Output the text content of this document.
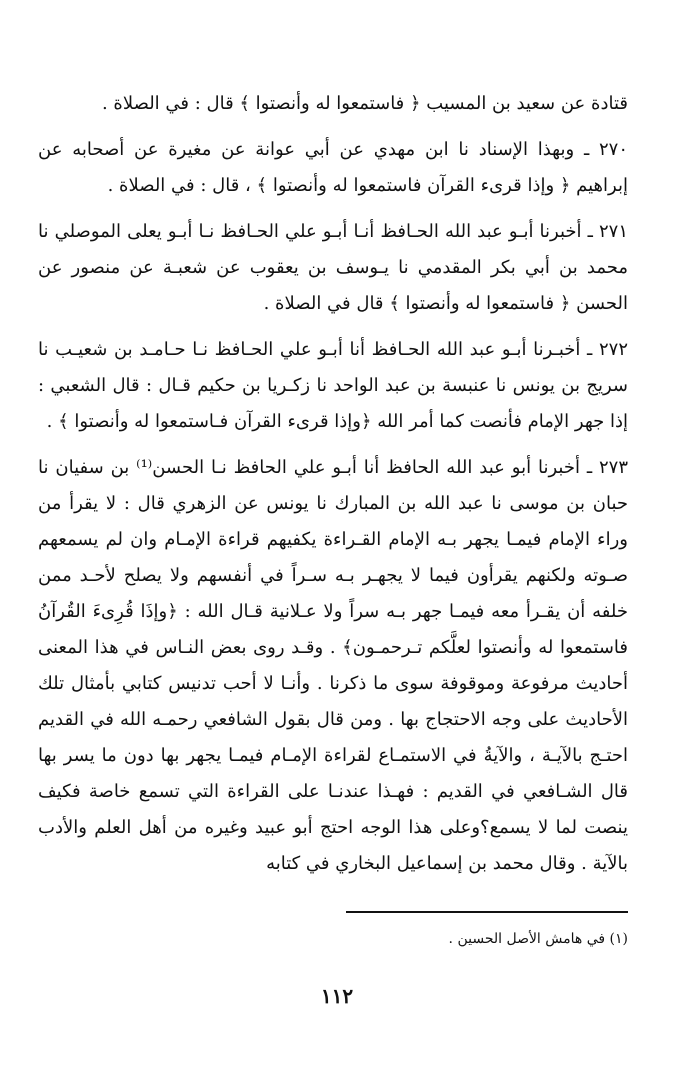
قتادة عن سعيد بن المسيب ﴿ فاستمعوا له وأنصتوا ﴾ قال : في الصلاة .

٢٧٠ ـ وبهذا الإسناد نا ابن مهدي عن أبي عوانة عن مغيرة عن أصحابه عن إبراهيم ﴿ وإذا قرىء القرآن فاستمعوا له وأنصتوا ﴾ ، قال : في الصلاة .

٢٧١ ـ أخبرنا أبـو عبد الله الحـافظ أنـا أبـو علي الحـافظ نـا أبـو يعلى الموصلي نا محمد بن أبي بكر المقدمي نا يـوسف بن يعقوب عن شعبـة عن منصور عن الحسن ﴿ فاستمعوا له وأنصتوا ﴾ قال في الصلاة .

٢٧٢ ـ أخبـرنا أبـو عبد الله الحـافظ أنا أبـو علي الحـافظ نـا حـامـد بن شعيـب نا سريج بن يونس نا عنبسة بن عبد الواحد نا زكـريا بن حكيم قـال : قال الشعبي : إذا جهر الإمام فأنصت كما أمر الله ﴿وإذا قرىء القرآن فـاستمعوا له وأنصتوا ﴾ .

٢٧٣ ـ أخبرنا أبو عبد الله الحافظ أنا أبـو علي الحافظ نـا الحسن⁽¹⁾ بن سفيان نا حبان بن موسى نا عبد الله بن المبارك نا يونس عن الزهري قال : لا يقرأ من وراء الإمام فيمـا يجهر بـه الإمام القـراءة يكفيهم قراءة الإمـام وان لم يسمعهم صـوته ولكنهم يقرأون فيما لا يجهـر بـه سـراً في أنفسهم ولا يصلح لأحـد ممن خلفه أن يقـرأ معه فيمـا جهر بـه سراً ولا عـلانية قـال الله : ﴿وإذَا قُرِىءَ القُرآنُ فاستمعوا له وأنصتوا لعلَّكم تـرحمـون﴾ . وقـد روى بعض النـاس في هذا المعنى أحاديث مرفوعة وموقوفة سوى ما ذكرنا . وأنـا لا أحب تدنيس كتابي بأمثال تلك الأحاديث على وجه الاحتجاج بها . ومن قال بقول الشافعي رحمـه الله في القديم احتـج بالآيـة ، والآيةُ في الاستمـاع لقراءة الإمـام فيمـا يجهر بها دون ما يسر بها قال الشـافعي في القديم : فهـذا عندنـا على القراءة التي تسمع خاصة فكيف ينصت لما لا يسمع؟وعلى هذا الوجه احتج أبو عبيد وغيره من أهل العلم والأدب بالآية . وقال محمد بن إسماعيل البخاري في كتابه

(١) في هامش الأصل الحسين .

١١٢
